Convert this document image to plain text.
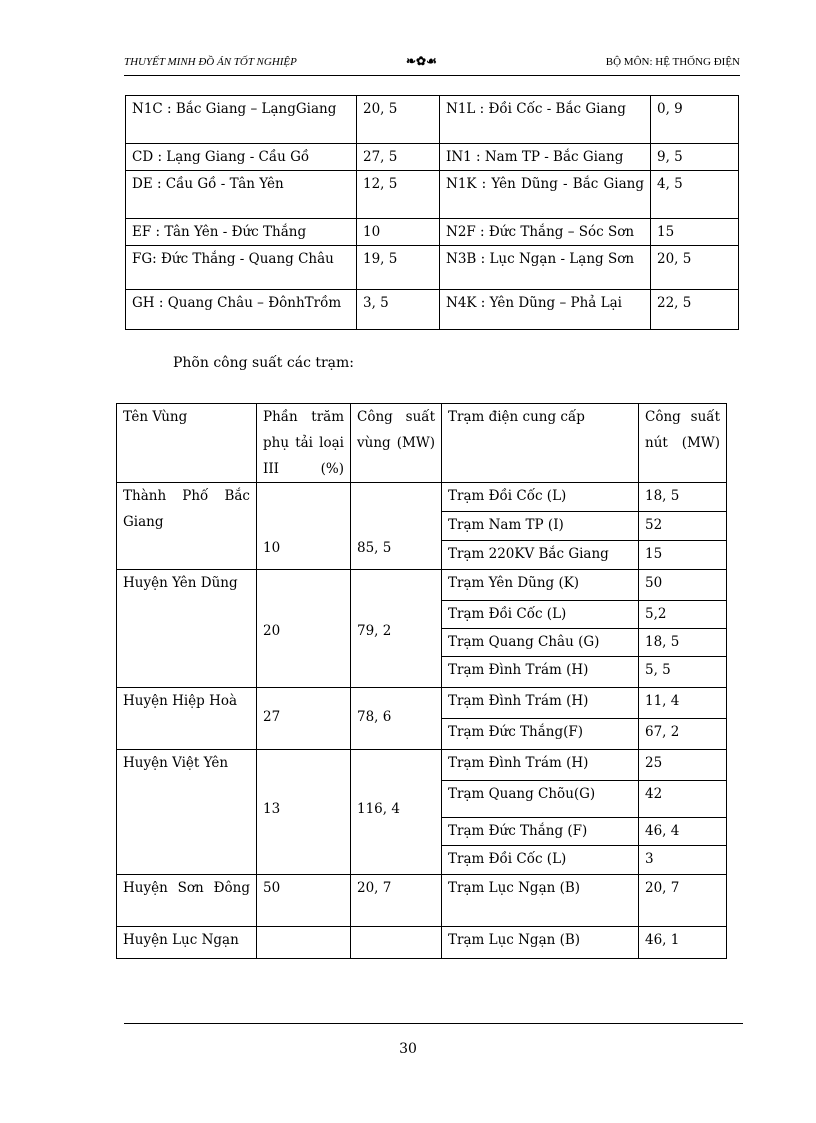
THUYẾT MINH ĐỒ ÁN TỐT NGHIỆP	❧✿☙	BỘ MÔN: HỆ THỐNG ĐIỆN
N1C : Bắc Giang – LạngGiang	20, 5	N1L : Đồi Cốc - Bắc Giang	0, 9
CD : Lạng Giang - Cầu Gồ	27, 5	IN1 : Nam TP - Bắc Giang	9, 5
DE : Cầu Gồ - Tân Yên	12, 5	N1K : Yên Dũng - Bắc Giang	4, 5
EF : Tân Yên - Đức Thắng	10	N2F : Đức Thắng – Sóc Sơn	15
FG: Đức Thắng - Quang Châu	19, 5	N3B : Lục Ngạn - Lạng Sơn	20, 5
GH : Quang Châu – ĐônhTrồm	3, 5	N4K : Yên Dũng – Phả Lại	22, 5
Phõn công suất các trạm:
Tên Vùng	Phần trăm phụ tải loại III (%)	Công suất vùng (MW)	Trạm điện cung cấp	Công suất nút (MW)
Thành Phố Bắc Giang	10	85, 5	Trạm Đồi Cốc (L)	18, 5
			Trạm Nam TP (I)	52
			Trạm 220KV Bắc Giang	15
Huyện Yên Dũng	20	79, 2	Trạm Yên Dũng (K)	50
			Trạm Đồi Cốc (L)	5,2
			Trạm Quang Châu (G)	18, 5
			Trạm Đình Trám (H)	5, 5
Huyện Hiệp Hoà	27	78, 6	Trạm Đình Trám (H)	11, 4
			Trạm Đức Thắng(F)	67, 2
Huyện Việt Yên	13	116, 4	Trạm Đình Trám (H)	25
			Trạm Quang Chõu(G)	42
			Trạm Đức Thắng (F)	46, 4
			Trạm Đồi Cốc (L)	3
Huyện Sơn Đông	50	20, 7	Trạm Lục Ngạn (B)	20, 7
Huyện Lục Ngạn			Trạm Lục Ngạn (B)	46, 1
30
